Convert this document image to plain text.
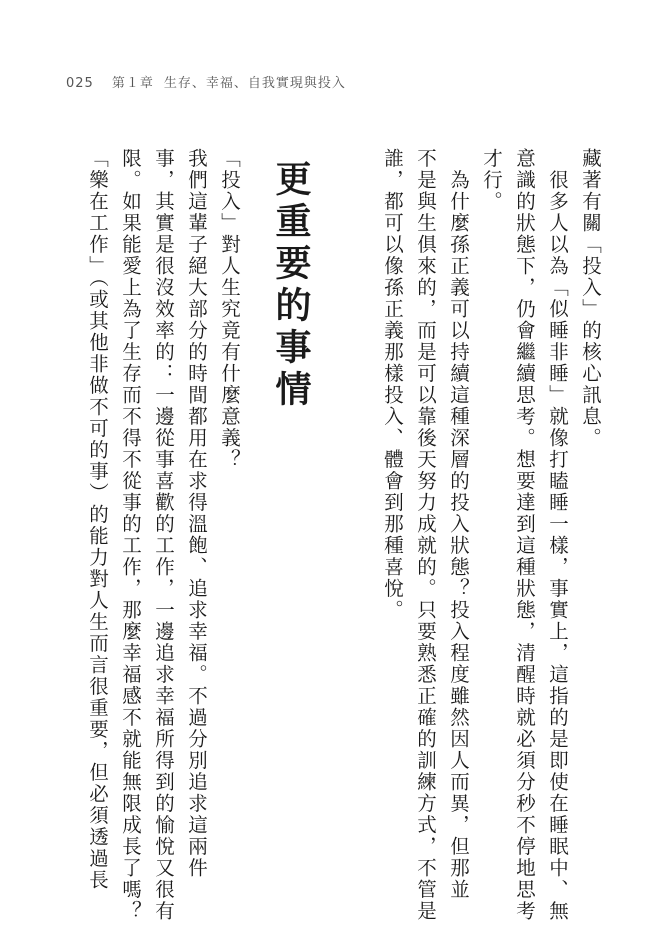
025 第１章 生存、幸福、自我實現與投入
藏著有關「投入」的核心訊息。
　很多人以為「似睡非睡」就像打瞌睡一樣，事實上，這指的是即使在睡眠中、無
意識的狀態下，仍會繼續思考。想要達到這種狀態，清醒時就必須分秒不停地思考
才行。
　為什麼孫正義可以持續這種深層的投入狀態？投入程度雖然因人而異，但那並
不是與生俱來的，而是可以靠後天努力成就的。只要熟悉正確的訓練方式，不管是
誰，都可以像孫正義那樣投入、體會到那種喜悅。
更重要的事情
「投入」對人生究竟有什麼意義？
我們這輩子絕大部分的時間都用在求得溫飽、追求幸福。不過分別追求這兩件
事，其實是很沒效率的：一邊從事喜歡的工作，一邊追求幸福所得到的愉悅又很有
限。如果能愛上為了生存而不得不從事的工作，那麼幸福感不就能無限成長了嗎？
「樂在工作」（或其他非做不可的事）的能力對人生而言很重要，但必須透過長
